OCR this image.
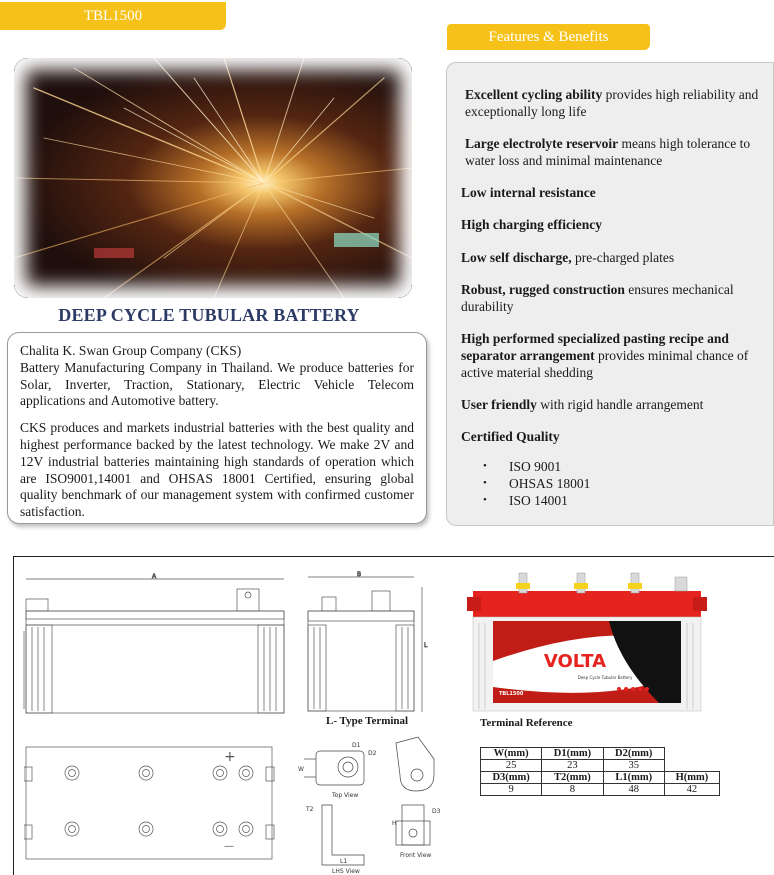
TBL1500
Features & Benefits
DEEP CYCLE TUBULAR BATTERY

Chalita K. Swan Group Company (CKS)
Battery Manufacturing Company in Thailand. We produce batteries for Solar, Inverter, Traction, Stationary, Electric Vehicle Telecom applications and Automotive battery.

CKS produces and markets industrial batteries with the best quality and highest performance backed by the latest technology. We make 2V and 12V industrial batteries maintaining high standards of operation which are ISO9001,14001 and OHSAS 18001 Certified, ensuring global quality benchmark of our management system with confirmed customer satisfaction.

Excellent cycling ability provides high reliability and exceptionally long life
Large electrolyte reservoir means high tolerance to water loss and minimal maintenance
Low internal resistance
High charging efficiency
Low self discharge, pre-charged plates
Robust, rugged construction ensures mechanical durability
High performed specialized pasting recipe and separator arrangement provides minimal chance of active material shedding
User friendly with rigid handle arrangement
Certified Quality
• ISO 9001
• OHSAS 18001
• ISO 14001
A	B
L
VOLTA
Deep Cycle Tubular Battery
TBL1500
+
—
L- Type Terminal
D1
D2
W
Top View
T2
L1
LHS View
D3
H
Front View
Terminal Reference
W(mm)	D1(mm)	D2(mm)	
25	23	35	
D3(mm)	T2(mm)	L1(mm)	H(mm)
9	8	48	42
